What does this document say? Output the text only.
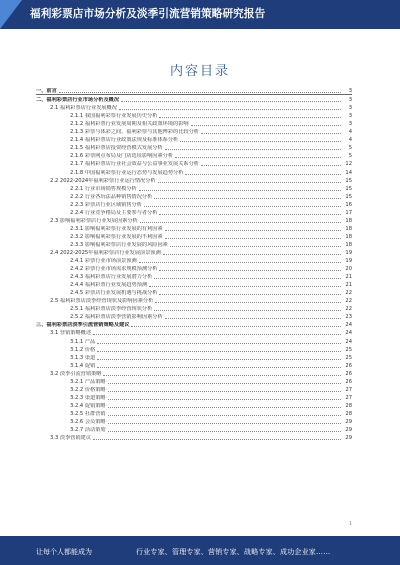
福利彩票店市场分析及淡季引流营销策略研究报告
内容目录
一、前言	3
二、福利彩票店行业市场分析及概况	3
2.1 福利彩票店行业发展概况	3
2.1.1 我国福利彩票行业发展历史分析	3
2.1.2 福利彩票行业发展周期及相关政策环境的影响	3
2.1.3 彩票与体彩之间、福利彩票与其他博彩的比较分析	4
2.1.4 福利彩票店行业政策法规及标准体系分析	4
2.1.5 福利彩票店投资经营模式发展分析	5
2.1.6 彩票网点布局及门店选址影响因素分析	5
2.1.7 福利彩票店行业社会效益与公益事业发展关系分析	12
2.1.8 中国福利彩票行业运行态势与发展趋势分析	14
2.2 2022-2024年福利彩票行业运行情况分析	15
2.2.1 行业市场销售规模分析	15
2.2.2 行业各玩法品种销售情况分析	15
2.2.3 彩票店行业区域销售分析	16
2.2.4 行业竞争格局及主要参与者分析	17
2.3 影响福利彩票店行业发展因素分析	18
2.3.1 影响福利彩票行业发展的有利因素	18
2.3.2 影响福利彩票行业发展的不利因素	18
2.3.3 影响福利彩票店行业发展的风险因素	18
2.4 2022-2025年福利彩票店行业发展前景预测	19
2.4.1 彩票行业市场前景预测	19
2.4.2 彩票行业市场需求规模预测分析	20
2.4.3 福利彩票店行业发展潜力分析	21
2.4.4 福利彩票行业发展趋势预测	21
2.4.5 彩票店行业发展机遇与挑战分析	22
2.5 福利彩票店淡季经营现状及影响因素分析	22
2.5.1 福利彩票店淡季经营现状分析	22
2.5.2 福利彩票店淡季营销影响因素分析	23
三、福利彩票店淡季引流营销策略及建议	24
3.1 营销策略概述	24
3.1.1 产品	24
3.1.2 价格	25
3.1.3 渠道	25
3.1.4 促销	26
3.2 淡季引流营销策略	26
3.2.1 产品策略	26
3.2.2 价格策略	27
3.2.3 渠道策略	27
3.2.4 促销策略	28
3.2.5 社群营销	28
3.2.6 会员策略	29
3.2.7 活动策划	29
3.3 淡季营销建议	29
1
让每个人都能成为	行业专家、管理专家、营销专家、战略专家、成功企业家……
